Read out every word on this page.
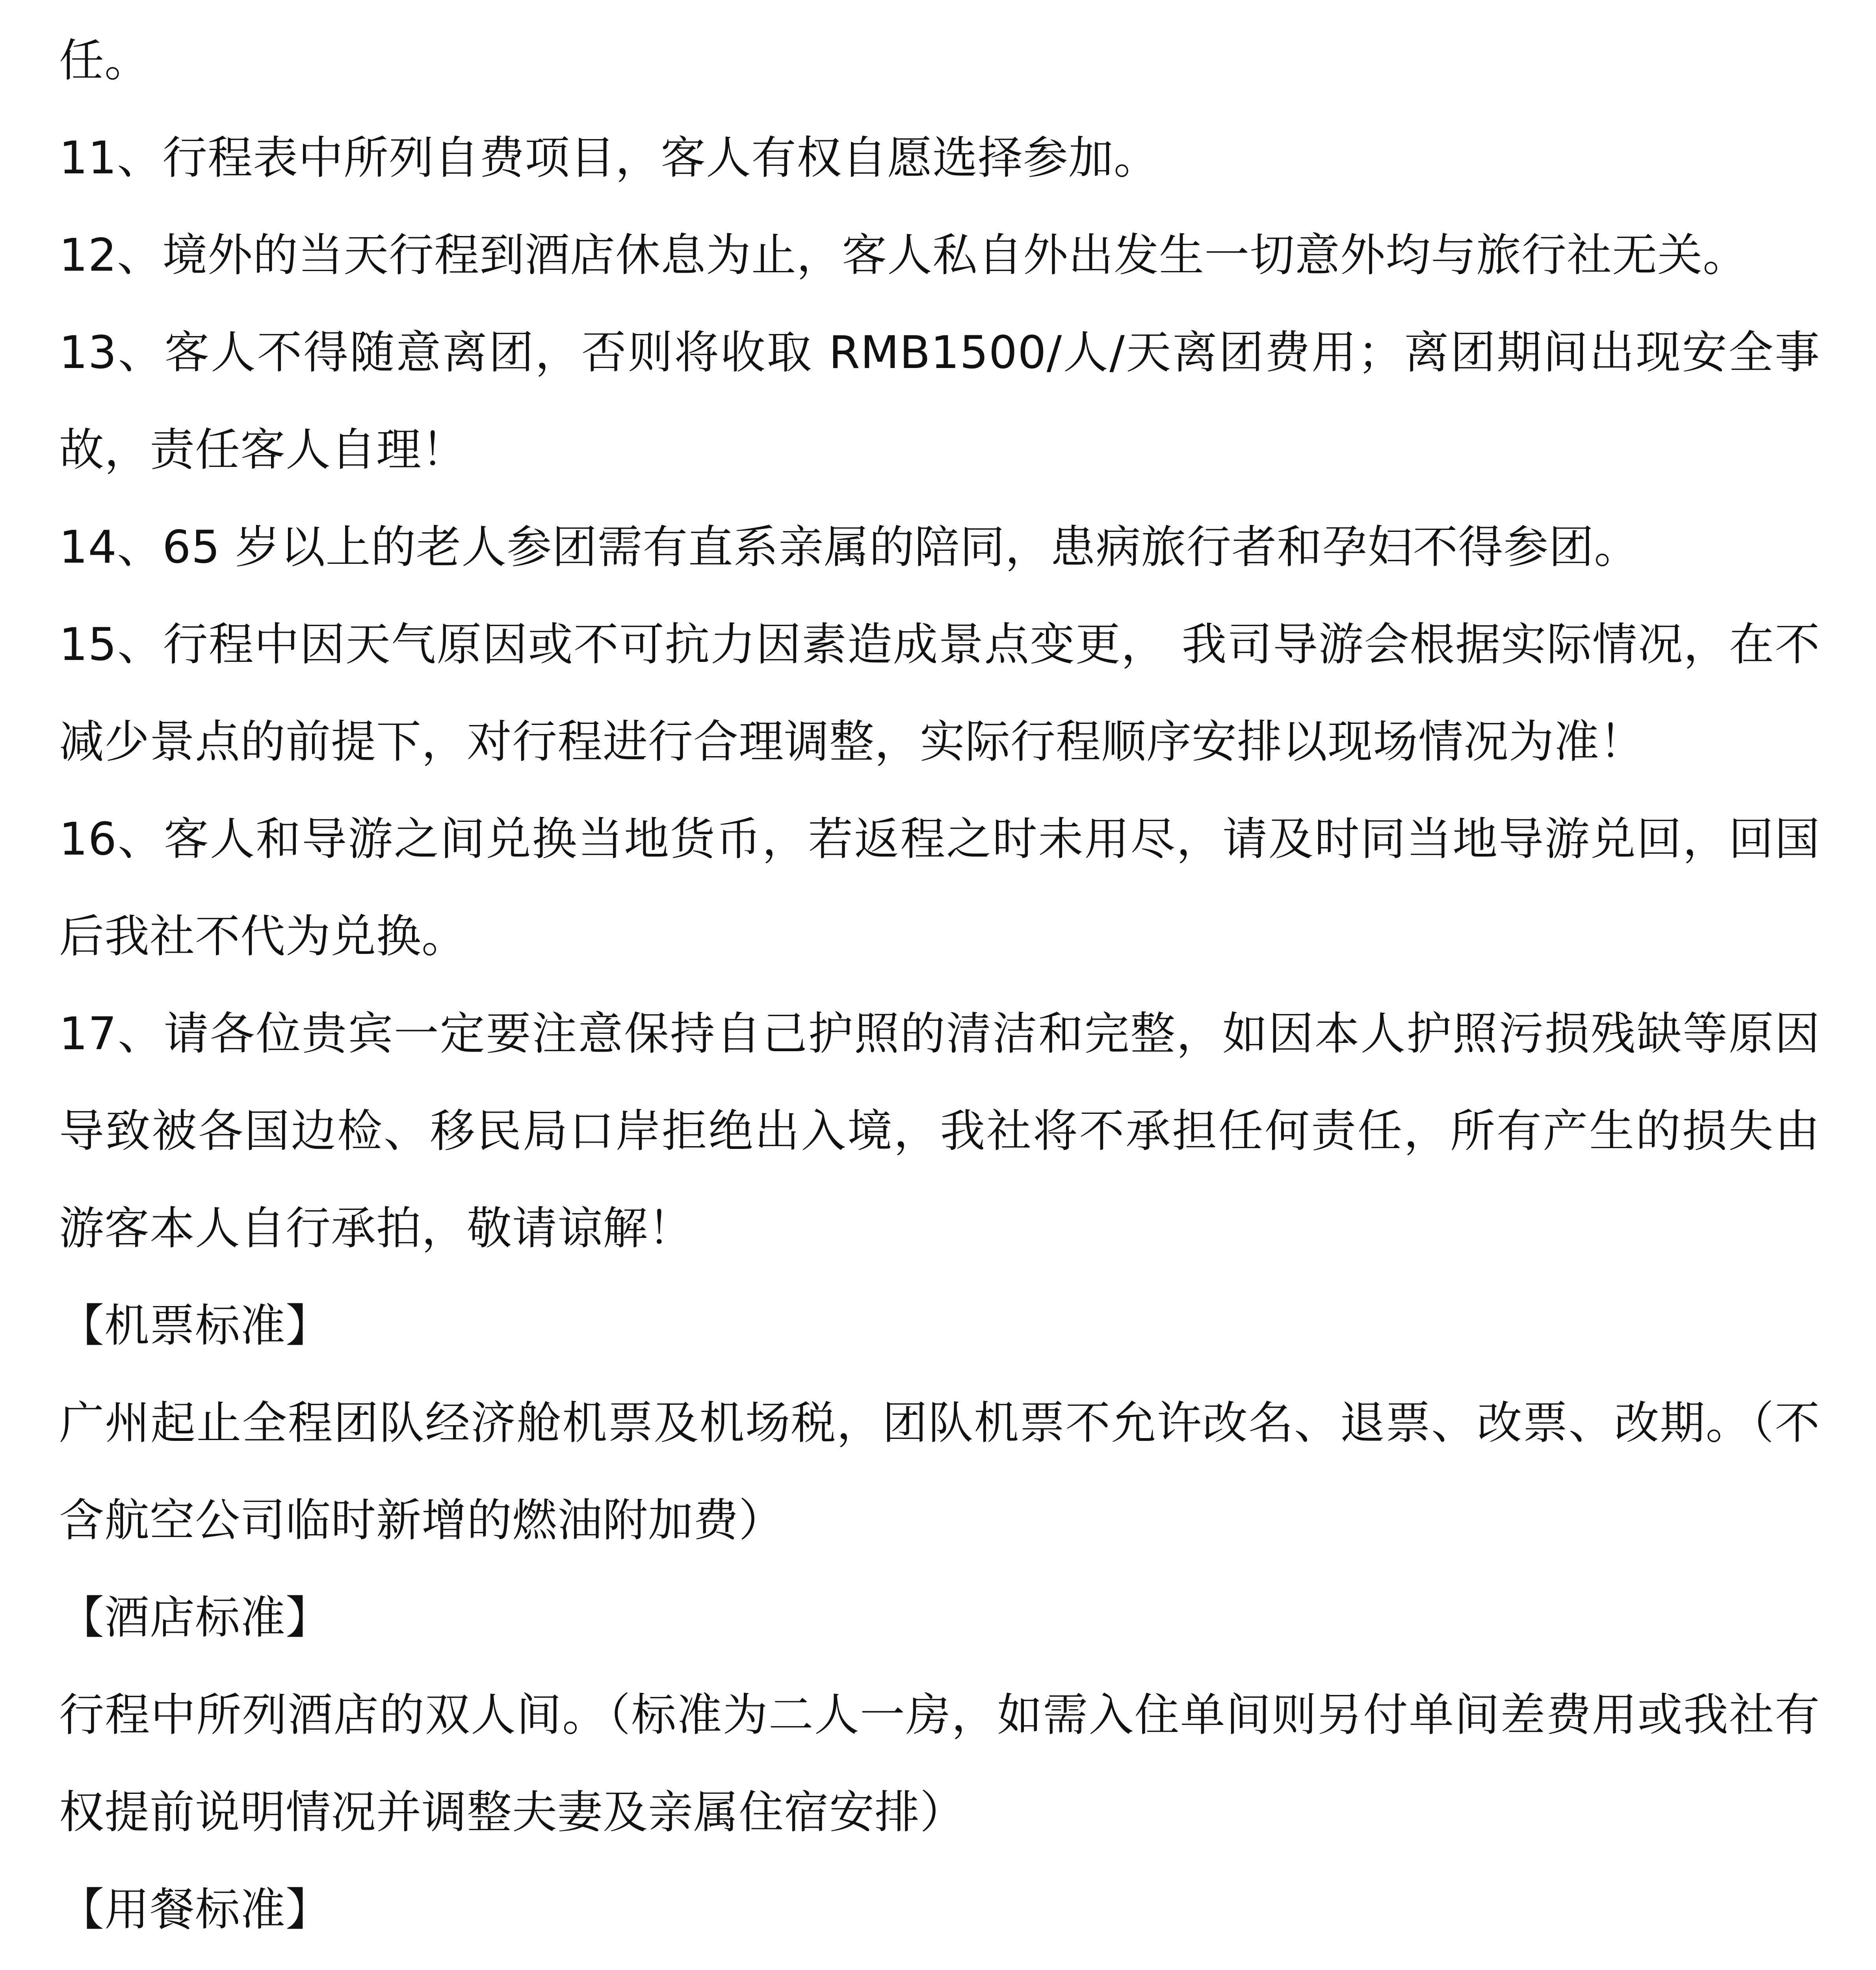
任。

11、行程表中所列自费项目，客人有权自愿选择参加。

12、境外的当天行程到酒店休息为止，客人私自外出发生一切意外均与旅行社无关。

13、客人不得随意离团，否则将收取 RMB1500/人/天离团费用；离团期间出现安全事故，责任客人自理！

14、65 岁以上的老人参团需有直系亲属的陪同，患病旅行者和孕妇不得参团。

15、行程中因天气原因或不可抗力因素造成景点变更， 我司导游会根据实际情况，在不减少景点的前提下，对行程进行合理调整，实际行程顺序安排以现场情况为准！

16、客人和导游之间兑换当地货币，若返程之时未用尽，请及时同当地导游兑回，回国后我社不代为兑换。

17、请各位贵宾一定要注意保持自己护照的清洁和完整，如因本人护照污损残缺等原因导致被各国边检、移民局口岸拒绝出入境，我社将不承担任何责任，所有产生的损失由游客本人自行承拍，敬请谅解！

【机票标准】

广州起止全程团队经济舱机票及机场税，团队机票不允许改名、退票、改票、改期。（不含航空公司临时新增的燃油附加费）

【酒店标准】

行程中所列酒店的双人间。（标准为二人一房，如需入住单间则另付单间差费用或我社有权提前说明情况并调整夫妻及亲属住宿安排）

【用餐标准】
